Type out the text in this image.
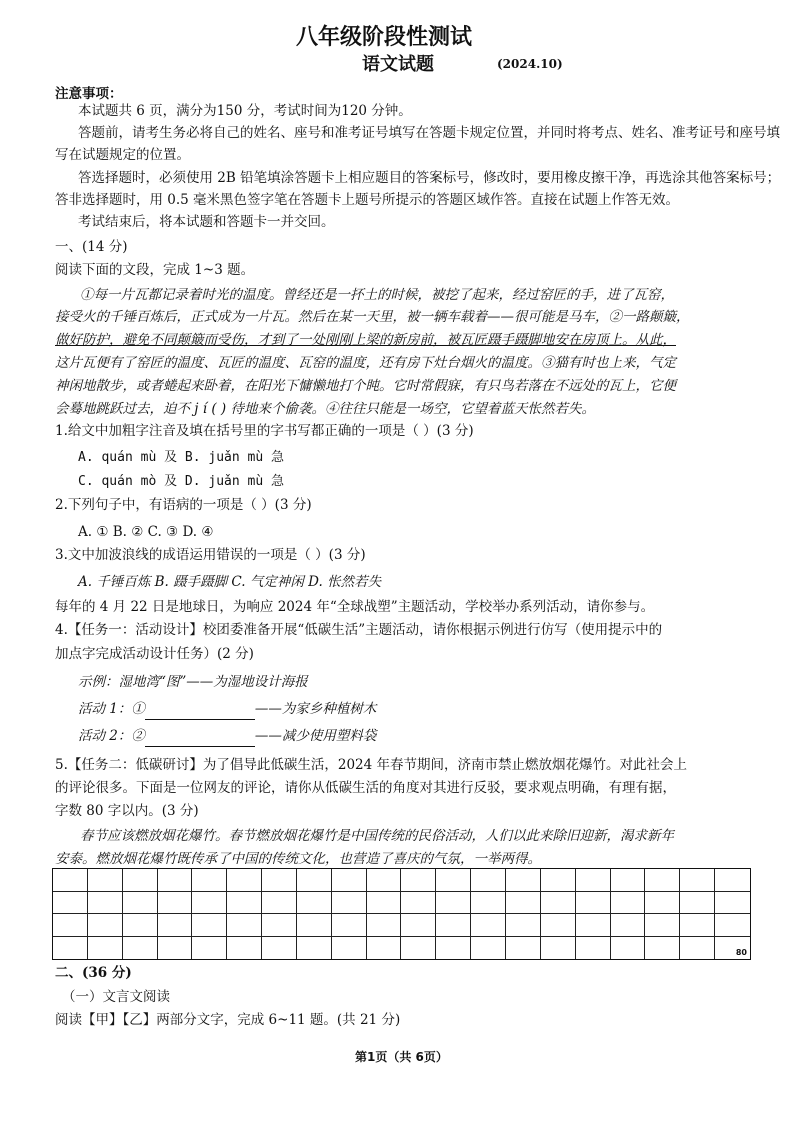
八年级阶段性测试
语文试题	(2024.10)
注意事项：
本试题共 6 页，满分为150 分，考试时间为120 分钟。
答题前，请考生务必将自己的姓名、座号和准考证号填写在答题卡规定位置，并同时将考点、姓名、准考证号和座号填
写在试题规定的位置。
答选择题时，必须使用 2B 铅笔填涂答题卡上相应题目的答案标号，修改时，要用橡皮擦干净，再选涂其他答案标号；
答非选择题时，用 0.5 毫米黑色签字笔在答题卡上题号所提示的答题区域作答。直接在试题上作答无效。
考试结束后，将本试题和答题卡一并交回。
一、(14 分)
阅读下面的文段，完成 1~3 题。
①每一片瓦都记录着时光的温度。曾经还是一抔土的时候，被挖了起来，经过窑匠的手，进了瓦窑，
接受火的千锤百炼后，正式成为一片瓦。然后在某一天里，被一辆车载着——很可能是马车，②一路颠簸，
做好防护，避免不同颠簸而受伤，才到了一处刚刚上梁的新房前，被瓦匠蹑手蹑脚地安在房顶上。从此，
这片瓦便有了窑匠的温度、瓦匠的温度、瓦窑的温度，还有房下灶台烟火的温度。③猫有时也上来，气定
神闲地散步，或者蜷起来卧着，在阳光下慵懒地打个盹。它时常假寐，有只鸟若落在不远处的瓦上，它便
会蓦地跳跃过去，迫不 j í ( ) 待地来个偷袭。④往往只能是一场空，它望着蓝天怅然若失。
1.给文中加粗字注音及填在括号里的字书写都正确的一项是（ ）(3 分)
A. quán mù 及 B. juǎn mù 急
C. quán mò 及 D. juǎn mù 急
2.下列句子中，有语病的一项是（ ）(3 分)
A. ① B. ② C. ③ D. ④
3.文中加波浪线的成语运用错误的一项是（ ）(3 分)
A. 千锤百炼 B. 蹑手蹑脚 C. 气定神闲 D. 怅然若失
每年的 4 月 22 日是地球日，为响应 2024 年“全球战塑”主题活动，学校举办系列活动，请你参与。
4.【任务一：活动设计】校团委准备开展“低碳生活”主题活动，请你根据示例进行仿写（使用提示中的
加点字完成活动设计任务）(2 分)
示例：湿地湾“图”——为湿地设计海报
活动 1：①	——为家乡种植树木
活动 2：②	——减少使用塑料袋
5.【任务二：低碳研讨】为了倡导此低碳生活，2024 年春节期间，济南市禁止燃放烟花爆竹。对此社会上
的评论很多。下面是一位网友的评论，请你从低碳生活的角度对其进行反驳，要求观点明确，有理有据，
字数 80 字以内。(3 分)
春节应该燃放烟花爆竹。春节燃放烟花爆竹是中国传统的民俗活动，人们以此来除旧迎新，渴求新年
安泰。燃放烟花爆竹既传承了中国的传统文化，也营造了喜庆的气氛，一举两得。
80
二、(36 分)
（一）文言文阅读
阅读【甲】【乙】两部分文字，完成 6~11 题。(共 21 分)
第1页（共 6页）
